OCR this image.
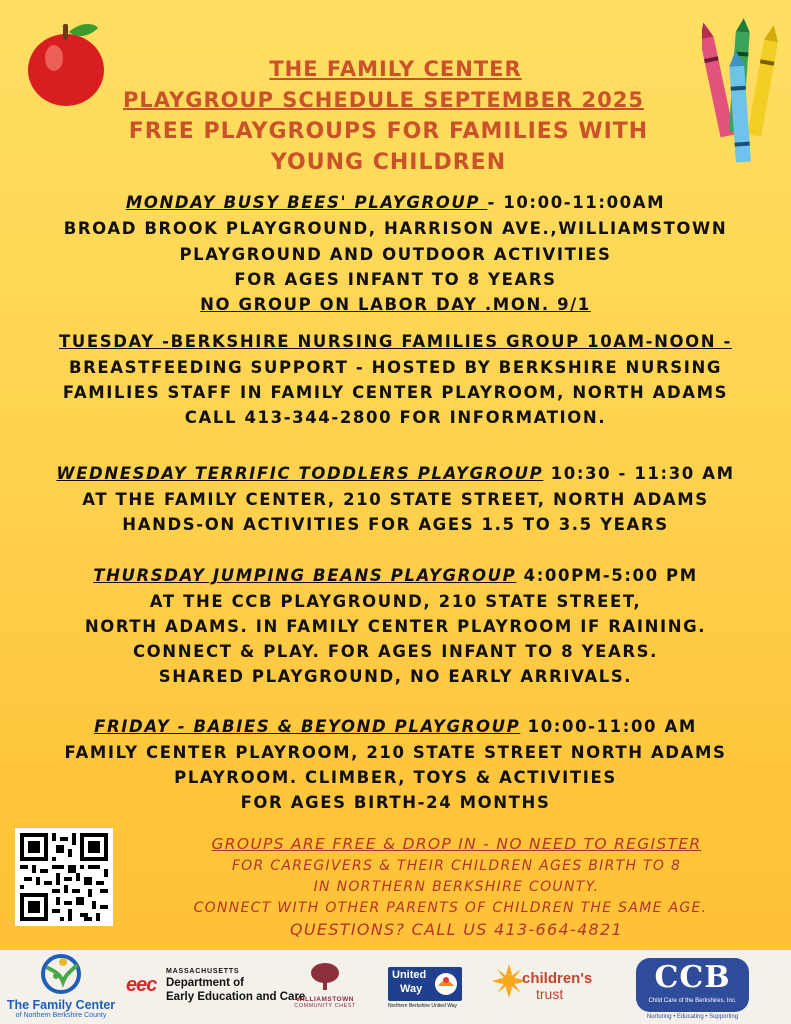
THE FAMILY CENTER
PLAYGROUP SCHEDULE SEPTEMBER 2025
FREE PLAYGROUPS FOR FAMILIES WITH
YOUNG CHILDREN
MONDAY BUSY BEES' PLAYGROUP - 10:00-11:00AM
BROAD BROOK PLAYGROUND, HARRISON AVE.,WILLIAMSTOWN
PLAYGROUND AND OUTDOOR ACTIVITIES
FOR AGES INFANT TO 8 YEARS
NO GROUP ON LABOR DAY .MON. 9/1
TUESDAY -BERKSHIRE NURSING FAMILIES GROUP 10AM-NOON -
BREASTFEEDING SUPPORT - HOSTED BY BERKSHIRE NURSING
FAMILIES STAFF IN FAMILY CENTER PLAYROOM, NORTH ADAMS
CALL 413-344-2800 FOR INFORMATION.
WEDNESDAY TERRIFIC TODDLERS PLAYGROUP 10:30 - 11:30 AM
AT THE FAMILY CENTER, 210 STATE STREET, NORTH ADAMS
HANDS-ON ACTIVITIES FOR AGES 1.5 TO 3.5 YEARS
THURSDAY JUMPING BEANS PLAYGROUP 4:00PM-5:00 PM
AT THE CCB PLAYGROUND, 210 STATE STREET,
NORTH ADAMS. IN FAMILY CENTER PLAYROOM IF RAINING.
CONNECT & PLAY. FOR AGES INFANT TO 8 YEARS.
SHARED PLAYGROUND, NO EARLY ARRIVALS.
FRIDAY - BABIES & BEYOND PLAYGROUP 10:00-11:00 AM
FAMILY CENTER PLAYROOM, 210 STATE STREET NORTH ADAMS
PLAYROOM. CLIMBER, TOYS & ACTIVITIES
FOR AGES BIRTH-24 MONTHS
GROUPS ARE FREE & DROP IN - NO NEED TO REGISTER
FOR CAREGIVERS & THEIR CHILDREN AGES BIRTH TO 8
IN NORTHERN BERKSHIRE COUNTY.
CONNECT WITH OTHER PARENTS OF CHILDREN THE SAME AGE.
QUESTIONS? CALL US 413-664-4821
The Family Center
of Northern Berkshire County
eec
MASSACHUSETTS
Department of
Early Education and Care
WILLIAMSTOWN
COMMUNITY CHEST
United
Way
Northern Berkshire United Way
children's
trust	CCB
Child Care of the Berkshires, Inc.
Nurturing • Educating • Supporting
